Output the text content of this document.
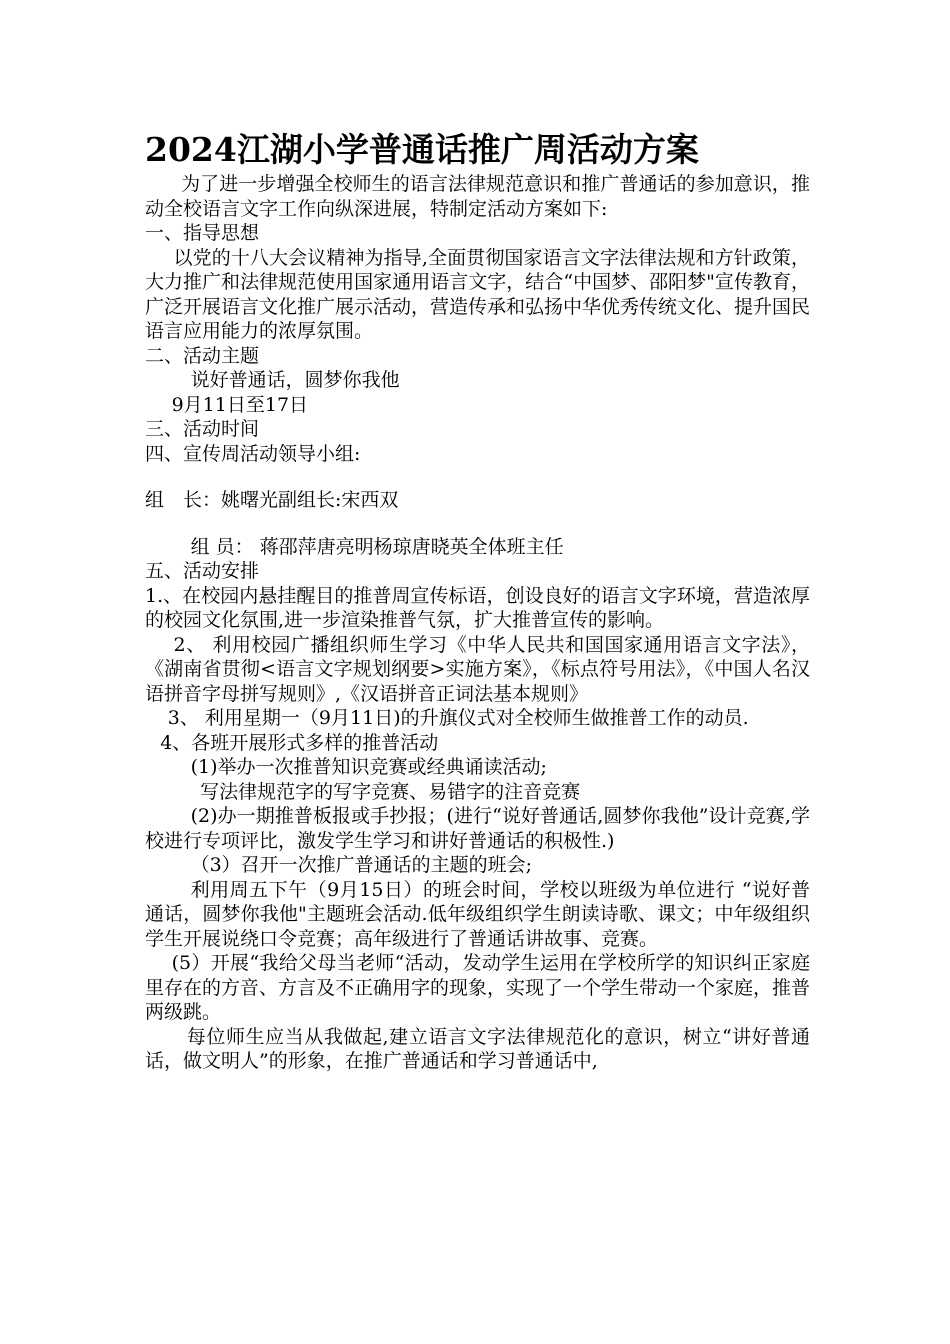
2024江湖小学普通话推广周活动方案

为了进一步增强全校师生的语言法律规范意识和推广普通话的参加意识，推动全校语言文字工作向纵深进展，特制定活动方案如下:

一、指导思想

以党的十八大会议精神为指导,全面贯彻国家语言文字法律法规和方针政策，大力推广和法律规范使用国家通用语言文字，结合“中国梦、邵阳梦"宣传教育，广泛开展语言文化推广展示活动，营造传承和弘扬中华优秀传统文化、提升国民语言应用能力的浓厚氛围。

二、活动主题

说好普通话，圆梦你我他

9月11日至17日

三、活动时间

四、宣传周活动领导小组:

组　长：姚曙光副组长:宋西双

组 员： 蒋邵萍唐亮明杨琼唐晓英全体班主任

五、活动安排

1.、在校园内悬挂醒目的推普周宣传标语，创设良好的语言文字环境，营造浓厚的校园文化氛围,进一步渲染推普气氛，扩大推普宣传的影响。

2、 利用校园广播组织师生学习《中华人民共和国国家通用语言文字法》，《湖南省贯彻<语言文字规划纲要>实施方案》，《标点符号用法》，《中国人名汉语拼音字母拼写规则》,《汉语拼音正词法基本规则》

3、 利用星期一（9月11日)的升旗仪式对全校师生做推普工作的动员.

4、各班开展形式多样的推普活动

(1)举办一次推普知识竞赛或经典诵读活动;

写法律规范字的写字竞赛、易错字的注音竞赛

(2)办一期推普板报或手抄报；(进行“说好普通话,圆梦你我他”设计竞赛,学校进行专项评比，激发学生学习和讲好普通话的积极性.)

（3）召开一次推广普通话的主题的班会;

利用周五下午（9月15日）的班会时间，学校以班级为单位进行 “说好普通话，圆梦你我他"主题班会活动.低年级组织学生朗读诗歌、课文；中年级组织学生开展说绕口令竞赛；高年级进行了普通话讲故事、竞赛。

(5）开展“我给父母当老师“活动，发动学生运用在学校所学的知识纠正家庭里存在的方音、方言及不正确用字的现象，实现了一个学生带动一个家庭，推普两级跳。

每位师生应当从我做起,建立语言文字法律规范化的意识，树立“讲好普通话，做文明人”的形象，在推广普通话和学习普通话中,
